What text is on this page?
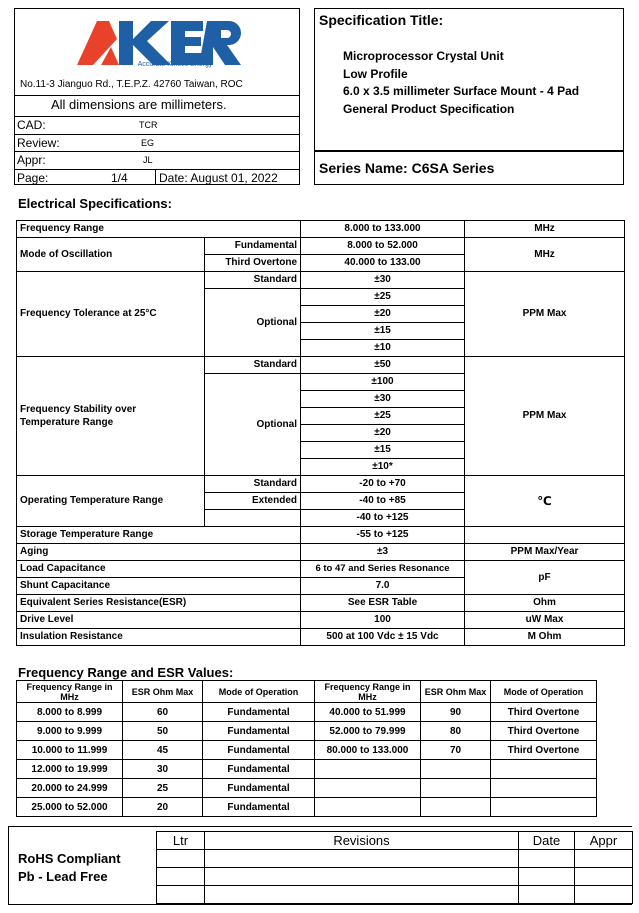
Accurate Kinetic Energy
No.11-3 Jianguo Rd., T.E.P.Z. 42760 Taiwan, ROC
All dimensions are millimeters.
CAD:	TCR
Review:	EG
Appr:	JL
Page:	1/4	Date: August 01, 2022
Specification Title:
Microprocessor Crystal Unit
Low Profile
6.0 x 3.5 millimeter Surface Mount - 4 Pad
General Product Specification
Series Name: C6SA Series
Electrical Specifications:
Frequency Range		8.000 to 133.000	MHz
Mode of Oscillation	Fundamental	8.000 to 52.000	MHz
	Third Overtone	40.000 to 133.00	
Frequency Tolerance at 25°C	Standard	±30	PPM Max
	Optional	±25	
		±20	
		±15	
		±10	
Frequency Stability over
Temperature Range	Standard	±50	PPM Max
	Optional	±100	
		±30	
		±25	
		±20	
		±15	
		±10*	
Operating Temperature Range	Standard	-20 to +70	℃
	Extended	-40 to +85	
		-40 to +125	
Storage Temperature Range		-55 to +125	
Aging		±3	PPM Max/Year
Load Capacitance		6 to 47 and Series Resonance	pF
Shunt Capacitance		7.0	
Equivalent Series Resistance(ESR)		See ESR Table	Ohm
Drive Level		100	uW Max
Insulation Resistance		500 at 100 Vdc ± 15 Vdc	M Ohm
Frequency Range and ESR Values:
Frequency Range in MHz	ESR Ohm Max	Mode of Operation	Frequency Range in MHz	ESR Ohm Max	Mode of Operation
8.000 to 8.999	60	Fundamental	40.000 to 51.999	90	Third Overtone
9.000 to 9.999	50	Fundamental	52.000 to 79.999	80	Third Overtone
10.000 to 11.999	45	Fundamental	80.000 to 133.000	70	Third Overtone
12.000 to 19.999	30	Fundamental			
20.000 to 24.999	25	Fundamental			
25.000 to 52.000	20	Fundamental			
RoHS Compliant
Pb - Lead Free
Ltr	Revisions	Date	Appr
